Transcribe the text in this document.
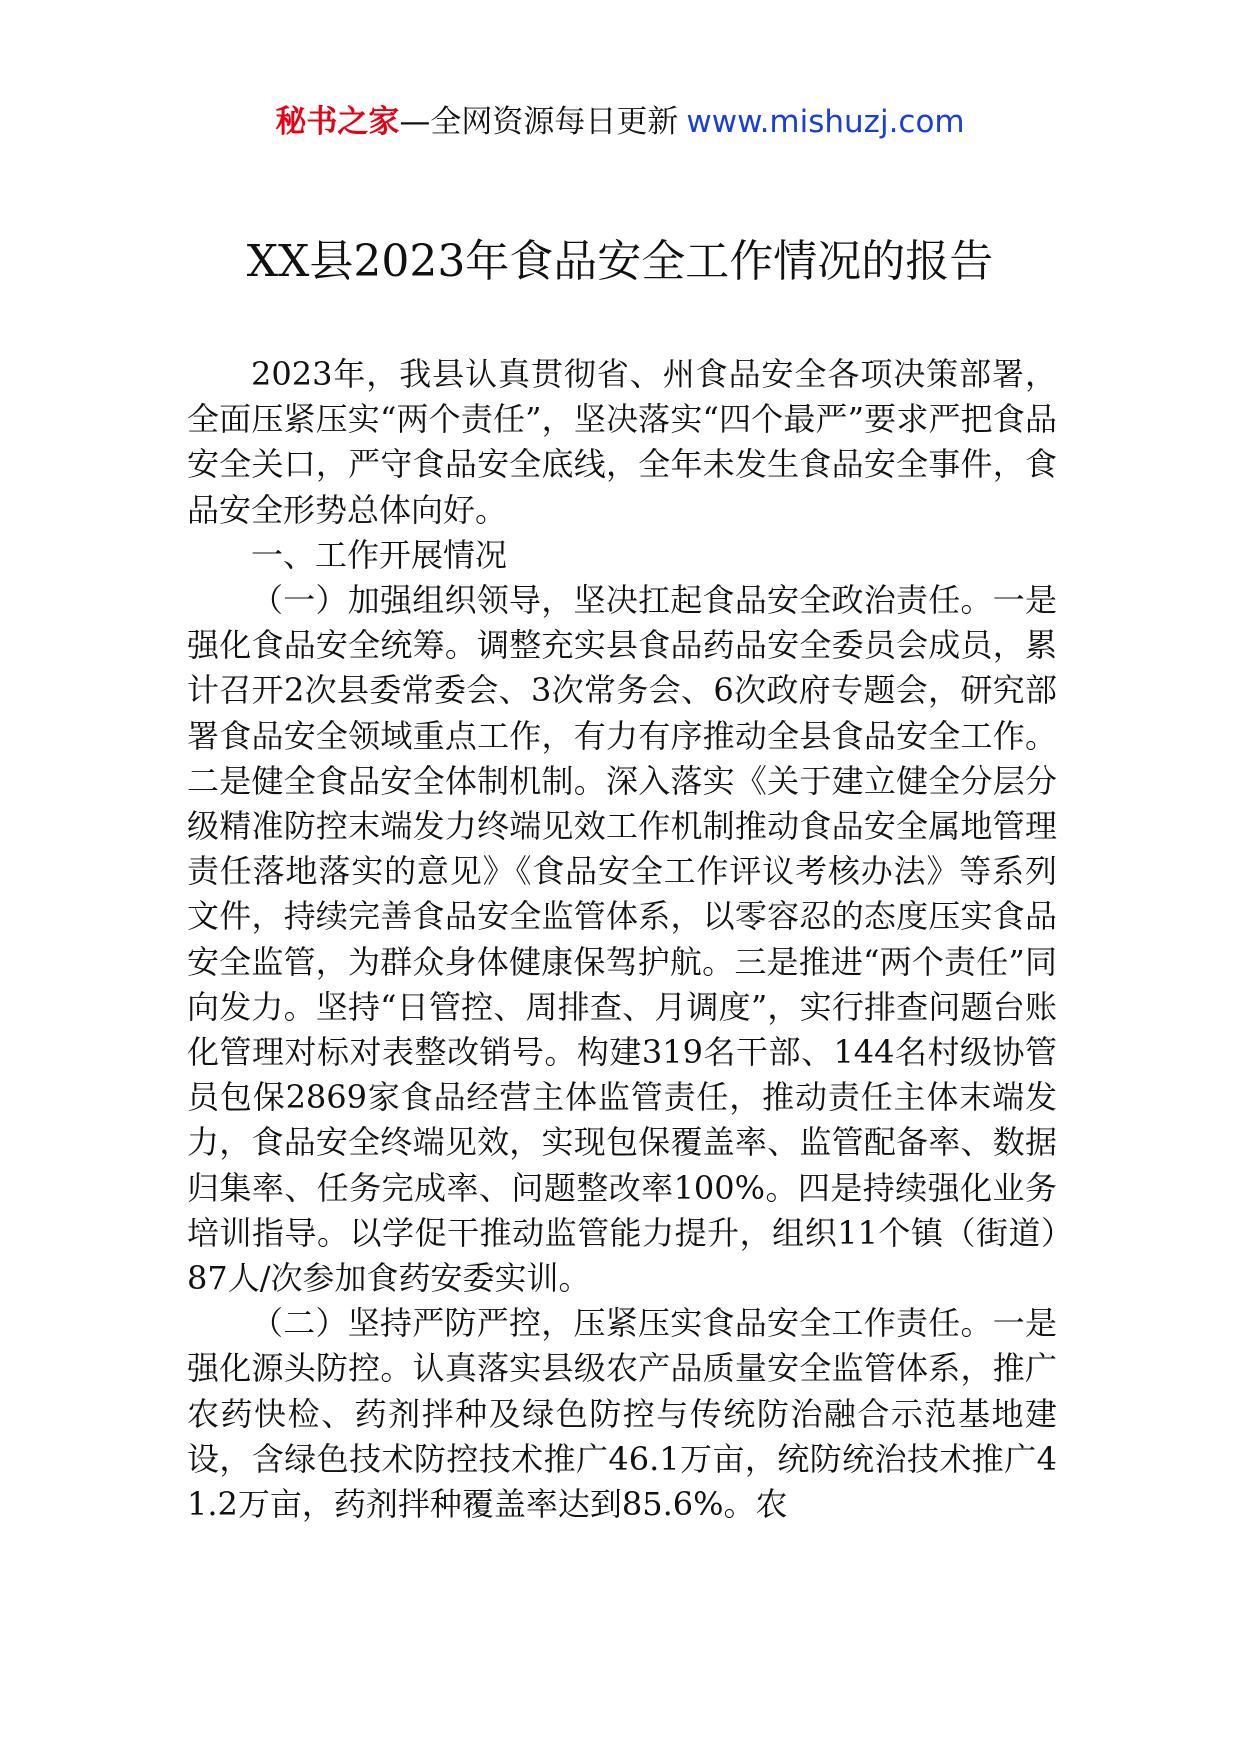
秘书之家—全网资源每日更新 www.mishuzj.com
XX县2023年食品安全工作情况的报告

2023年，我县认真贯彻省、州食品安全各项决策部署，全面压紧压实“两个责任”，坚决落实“四个最严”要求严把食品安全关口，严守食品安全底线，全年未发生食品安全事件，食品安全形势总体向好。

一、工作开展情况

（一）加强组织领导，坚决扛起食品安全政治责任。一是强化食品安全统筹。调整充实县食品药品安全委员会成员，累计召开2次县委常委会、3次常务会、6次政府专题会，研究部署食品安全领域重点工作，有力有序推动全县食品安全工作。二是健全食品安全体制机制。深入落实《关于建立健全分层分级精准防控末端发力终端见效工作机制推动食品安全属地管理责任落地落实的意见》《食品安全工作评议考核办法》等系列文件，持续完善食品安全监管体系，以零容忍的态度压实食品安全监管，为群众身体健康保驾护航。三是推进“两个责任”同向发力。坚持“日管控、周排查、月调度”，实行排查问题台账化管理对标对表整改销号。构建319名干部、144名村级协管员包保2869家食品经营主体监管责任，推动责任主体末端发力，食品安全终端见效，实现包保覆盖率、监管配备率、数据归集率、任务完成率、问题整改率100%。四是持续强化业务培训指导。以学促干推动监管能力提升，组织11个镇（街道）87人/次参加食药安委实训。

（二）坚持严防严控，压紧压实食品安全工作责任。一是强化源头防控。认真落实县级农产品质量安全监管体系，推广农药快检、药剂拌种及绿色防控与传统防治融合示范基地建设，含绿色技术防控技术推广46.1万亩，统防统治技术推广41.2万亩，药剂拌种覆盖率达到85.6%。农
